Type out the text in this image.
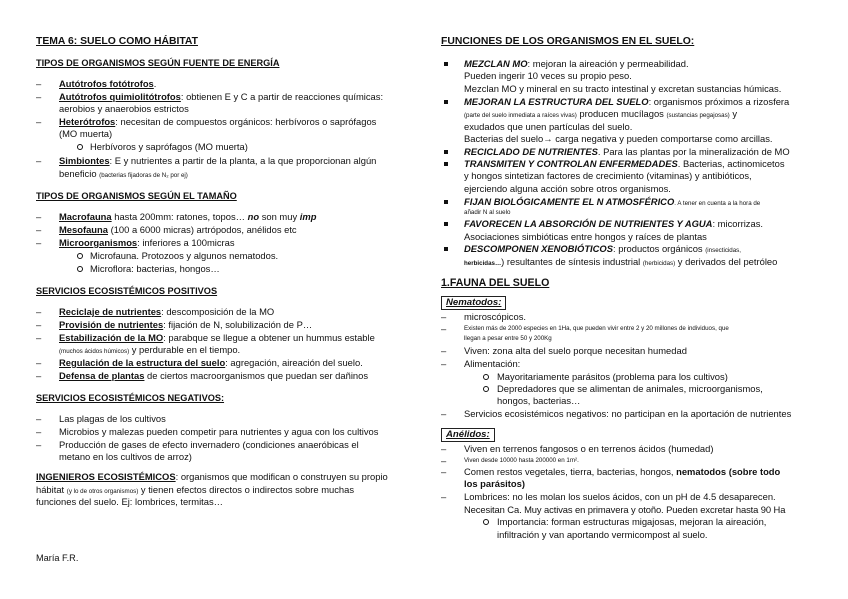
TEMA 6: SUELO COMO HÁBITAT
TIPOS DE ORGANISMOS SEGÚN FUENTE DE ENERGÍA
–	Autótrofos fotótrofos.
–	Autótrofos quimiolitótrofos: obtienen E y C a partir de reacciones químicas:
aerobios y anaerobios estrictos
–	Heterótrofos: necesitan de compuestos orgánicos: herbívoros o saprófagos
(MO muerta)
Herbívoros y saprófagos (MO muerta)
–	Simbiontes: E y nutrientes a partir de la planta, a la que proporcionan algún
beneficio (bacterias fijadoras de N₂ por ej)
TIPOS DE ORGANISMOS SEGÚN EL TAMAÑO
–	Macrofauna hasta 200mm: ratones, topos… no son muy imp
–	Mesofauna (100 a 6000 micras) artrópodos, anélidos etc
–	Microorganismos: inferiores a 100micras
Microfauna. Protozoos y algunos nematodos.
Microflora: bacterias, hongos…
SERVICIOS ECOSISTÉMICOS POSITIVOS
–	Reciclaje de nutrientes: descomposición de la MO
–	Provisión de nutrientes: fijación de N, solubilización de P…
–	Estabilización de la MO: parabque se llegue a obtener un hummus estable
(muchos ácidos húmicos) y perdurable en el tiempo.
–	Regulación de la estructura del suelo: agregación, aireación del suelo.
–	Defensa de plantas de ciertos macroorganismos que puedan ser dañinos
SERVICIOS ECOSISTÉMICOS NEGATIVOS:
–	Las plagas de los cultivos
–	Microbios y malezas pueden competir para nutrientes y agua con los cultivos
–	Producción de gases de efecto invernadero (condiciones anaeróbicas el
metano en los cultivos de arroz)
INGENIEROS ECOSISTÉMICOS: organismos que modifican o construyen su propio
hábitat (y lo de otros organismos) y tienen efectos directos o indirectos sobre muchas
funciones del suelo. Ej: lombrices, termitas…
María F.R.
FUNCIONES DE LOS ORGANISMOS EN EL SUELO:
MEZCLAN MO: mejoran la aireación y permeabilidad.
Pueden ingerir 10 veces su propio peso.
Mezclan MO y mineral en su tracto intestinal y excretan sustancias húmicas.
MEJORAN LA ESTRUCTURA DEL SUELO: organismos próximos a rizosfera
(parte del suelo inmediata a raíces vivas) producen mucílagos (sustancias pegajosas) y
exudados que unen partículas del suelo.
Bacterias del suelo→ carga negativa y pueden comportarse como arcillas.
RECICLADO DE NUTRIENTES. Para las plantas por la mineralización de MO
TRANSMITEN Y CONTROLAN ENFERMEDADES. Bacterias, actinomicetos
y hongos sintetizan factores de crecimiento (vitaminas) y antibióticos,
ejerciendo alguna acción sobre otros organismos.
FIJAN BIOLÓGICAMENTE EL N ATMOSFÉRICO. A tener en cuenta a la hora de
añadir N al suelo
FAVORECEN LA ABSORCIÓN DE NUTRIENTES Y AGUA: micorrizas.
Asociaciones simbióticas entre hongos y raíces de plantas
DESCOMPONEN XENOBIÓTICOS: productos orgánicos (insecticidas,
herbicidas…) resultantes de síntesis industrial (herbicidas) y derivados del petróleo
1.FAUNA DEL SUELO
Nematodos:
–	microscópicos.
–	Existen más de 2000 especies en 1Ha, que pueden vivir entre 2 y 20 millones de individuos, que
llegan a pesar entre 50 y 200Kg
–	Viven: zona alta del suelo porque necesitan humedad
–	Alimentación:
Mayoritariamente parásitos (problema para los cultivos)
Depredadores que se alimentan de animales, microorganismos,
hongos, bacterias…
–	Servicios ecosistémicos negativos: no participan en la aportación de nutrientes
Anélidos:
–	Viven en terrenos fangosos o en terrenos ácidos (humedad)
–	Viven desde 10000 hasta 200000 en 1m².
–	Comen restos vegetales, tierra, bacterias, hongos, nematodos (sobre todo
los parásitos)
–	Lombrices: no les molan los suelos ácidos, con un pH de 4.5 desaparecen.
Necesitan Ca. Muy activas en primavera y otoño. Pueden excretar hasta 90 Ha
Importancia: forman estructuras migajosas, mejoran la aireación,
infiltración y van aportando vermicompost al suelo.
